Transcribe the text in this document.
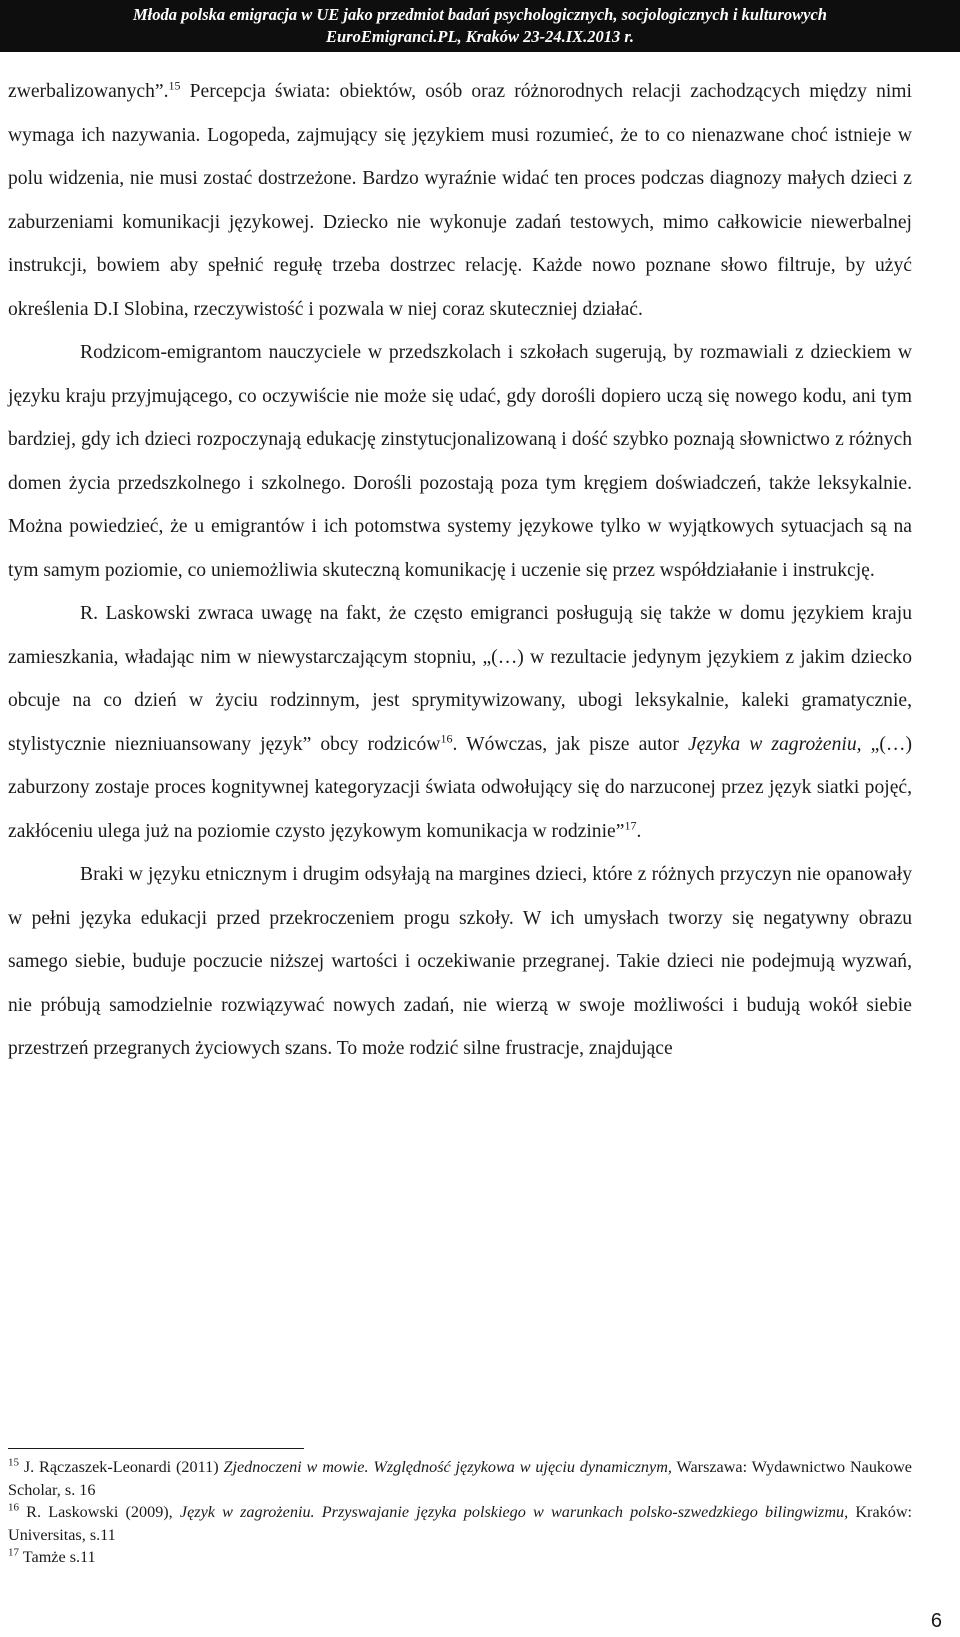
Młoda polska emigracja w UE jako przedmiot badań psychologicznych, socjologicznych i kulturowych
EuroEmigranci.PL, Kraków 23-24.IX.2013 r.

zwerbalizowanych”.$^{15}$ Percepcja świata: obiektów, osób oraz różnorodnych relacji zachodzących między nimi wymaga ich nazywania. Logopeda, zajmujący się językiem musi rozumieć, że to co nienazwane choć istnieje w polu widzenia, nie musi zostać dostrzeżone. Bardzo wyraźnie widać ten proces podczas diagnozy małych dzieci z zaburzeniami komunikacji językowej. Dziecko nie wykonuje zadań testowych, mimo całkowicie niewerbalnej instrukcji, bowiem aby spełnić regułę trzeba dostrzec relację. Każde nowo poznane słowo filtruje, by użyć określenia D.I Slobina, rzeczywistość i pozwala w niej coraz skuteczniej działać.

Rodzicom-emigrantom nauczyciele w przedszkolach i szkołach sugerują, by rozmawiali z dzieckiem w języku kraju przyjmującego, co oczywiście nie może się udać, gdy dorośli dopiero uczą się nowego kodu, ani tym bardziej, gdy ich dzieci rozpoczynają edukację zinstytucjonalizowaną i dość szybko poznają słownictwo z różnych domen życia przedszkolnego i szkolnego. Dorośli pozostają poza tym kręgiem doświadczeń, także leksykalnie. Można powiedzieć, że u emigrantów i ich potomstwa systemy językowe tylko w wyjątkowych sytuacjach są na tym samym poziomie, co uniemożliwia skuteczną komunikację i uczenie się przez współdziałanie i instrukcję.

R. Laskowski zwraca uwagę na fakt, że często emigranci posługują się także w domu językiem kraju zamieszkania, władając nim w niewystarczającym stopniu, „(…) w rezultacie jedynym językiem z jakim dziecko obcuje na co dzień w życiu rodzinnym, jest sprymitywizowany, ubogi leksykalnie, kaleki gramatycznie, stylistycznie niezniuansowany język” obcy rodziców$^{16}$. Wówczas, jak pisze autor Języka w zagrożeniu, „(…) zaburzony zostaje proces kognitywnej kategoryzacji świata odwołujący się do narzuconej przez język siatki pojęć, zakłóceniu ulega już na poziomie czysto językowym komunikacja w rodzinie”$^{17}$.

Braki w języku etnicznym i drugim odsyłają na margines dzieci, które z różnych przyczyn nie opanowały w pełni języka edukacji przed przekroczeniem progu szkoły. W ich umysłach tworzy się negatywny obrazu samego siebie, buduje poczucie niższej wartości i oczekiwanie przegranej. Takie dzieci nie podejmują wyzwań, nie próbują samodzielnie rozwiązywać nowych zadań, nie wierzą w swoje możliwości i budują wokół siebie przestrzeń przegranych życiowych szans. To może rodzić silne frustracje, znajdujące

$^{15}$ J. Rączaszek-Leonardi (2011) Zjednoczeni w mowie. Względność językowa w ujęciu dynamicznym, Warszawa: Wydawnictwo Naukowe Scholar, s. 16

$^{16}$ R. Laskowski (2009), Język w zagrożeniu. Przyswajanie języka polskiego w warunkach polsko-szwedzkiego bilingwizmu, Kraków: Universitas, s.11

$^{17}$ Tamże s.11

6
